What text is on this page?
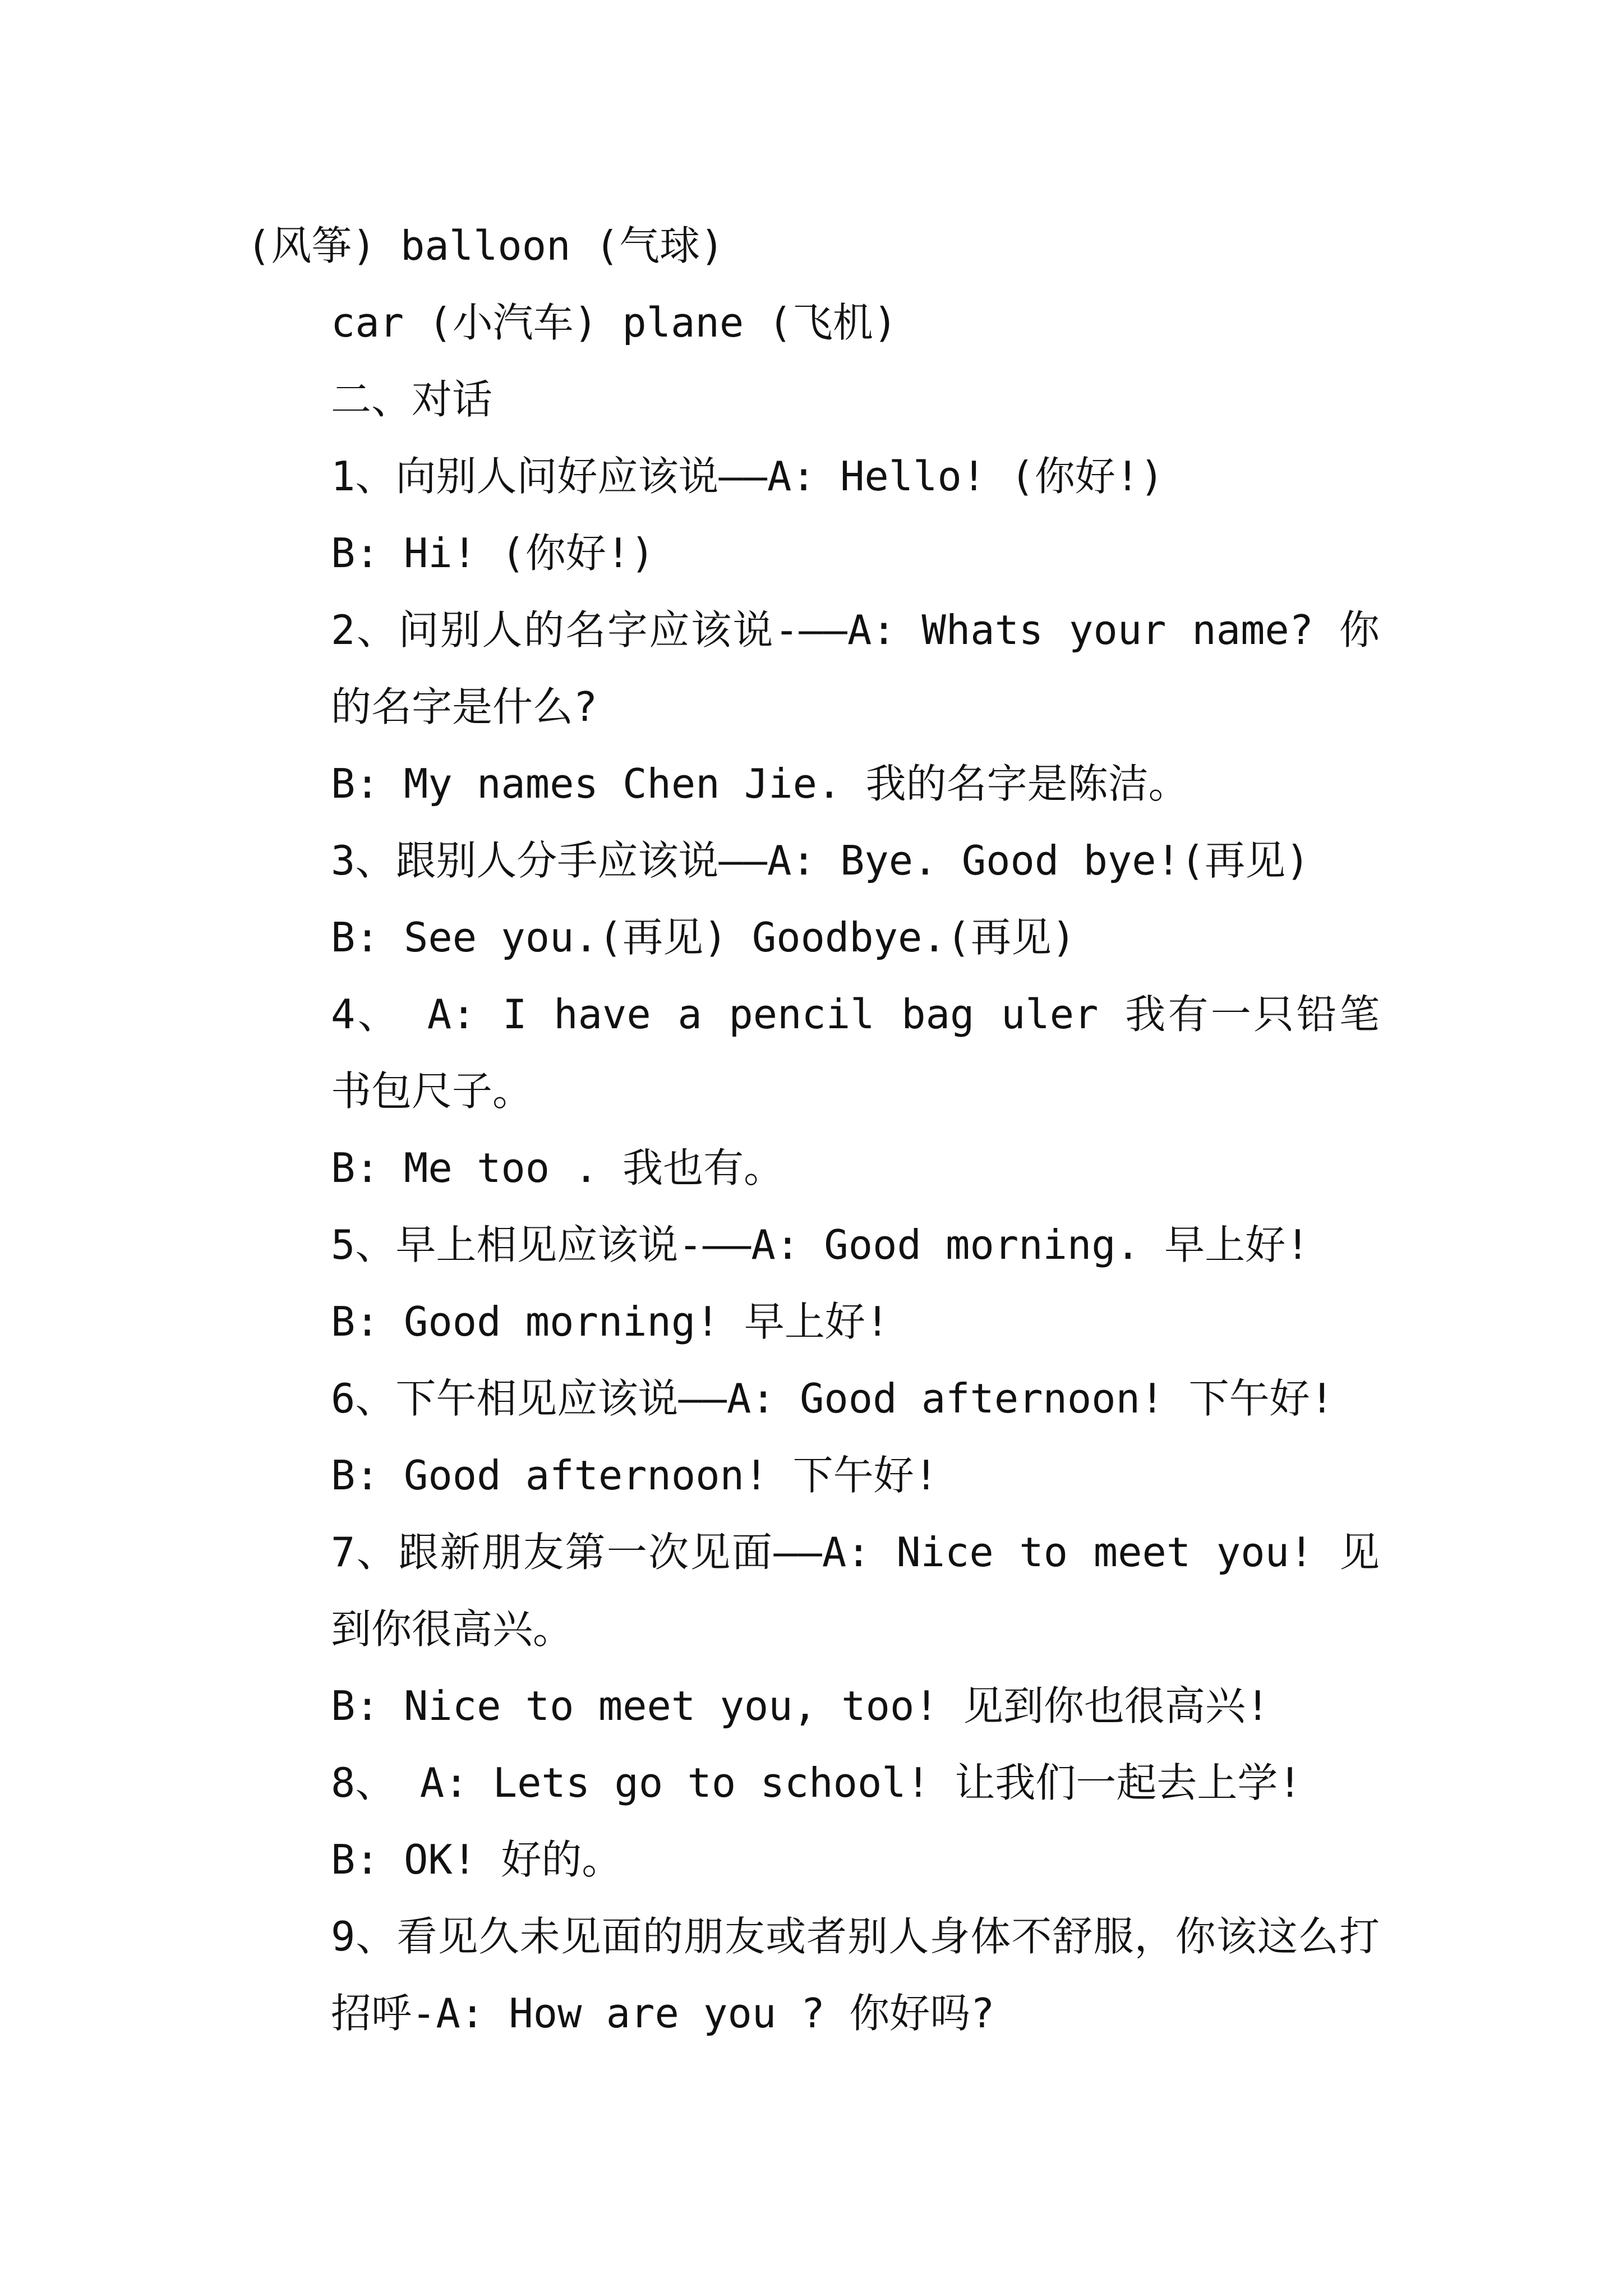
(风筝) balloon (气球)
car (小汽车) plane (飞机)
二、对话
1、向别人问好应该说——A: Hello! (你好!)
B: Hi! (你好!)
2、问别人的名字应该说-——A: Whats your name? 你的名字是什么?
B: My names Chen Jie. 我的名字是陈洁。
3、跟别人分手应该说——A: Bye. Good bye!(再见)
B: See you.(再见) Goodbye.(再见)
4、 A: I have a pencil bag uler 我有一只铅笔书包尺子。
B: Me too . 我也有。
5、早上相见应该说-——A: Good morning. 早上好!
B: Good morning! 早上好!
6、下午相见应该说——A: Good afternoon! 下午好!
B: Good afternoon! 下午好!
7、跟新朋友第一次见面——A: Nice to meet you! 见到你很高兴。
B: Nice to meet you, too! 见到你也很高兴!
8、 A: Lets go to school! 让我们一起去上学!
B: OK! 好的。
9、看见久未见面的朋友或者别人身体不舒服，你该这么打招呼-A: How are you ? 你好吗?
